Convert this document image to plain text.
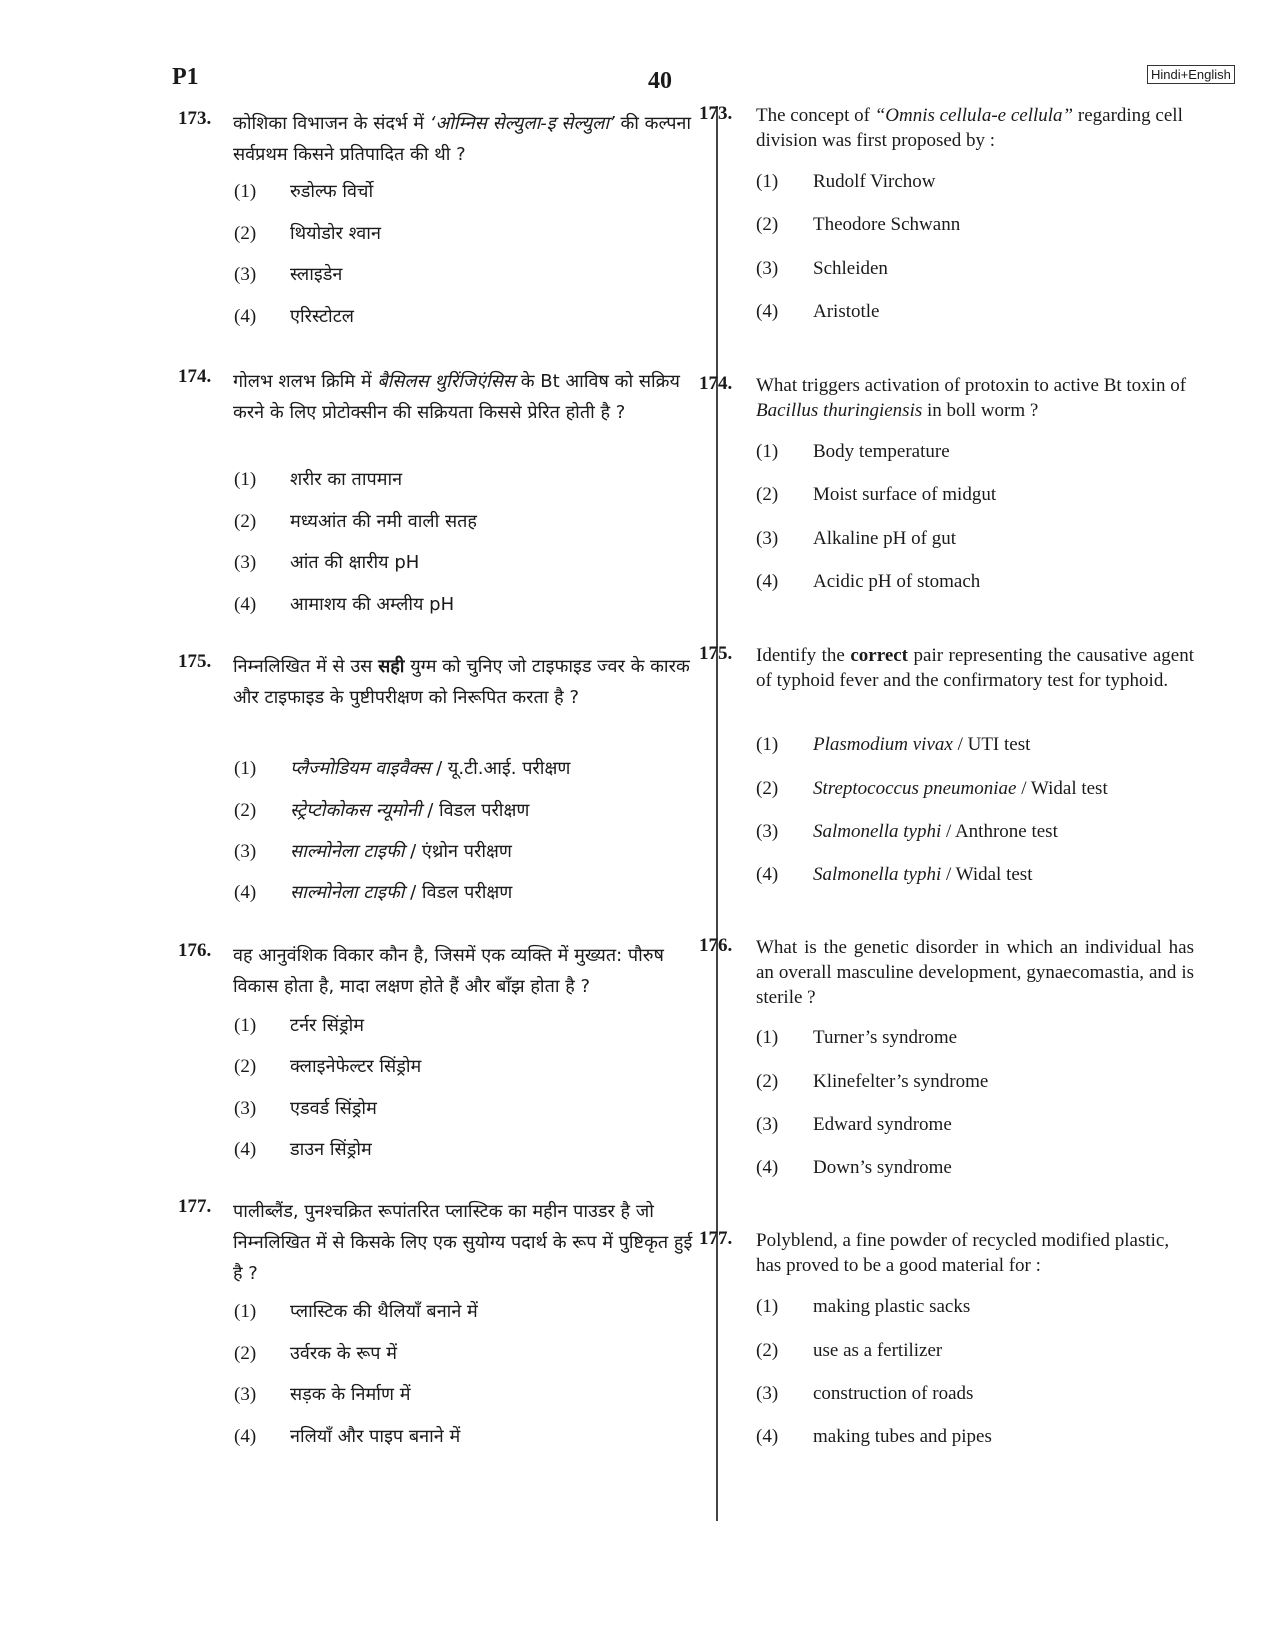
P1	40	Hindi+English
173. कोशिका विभाजन के संदर्भ में ‘ओम्निस सेल्युला-इ सेल्युला’ की कल्पना सर्वप्रथम किसने प्रतिपादित की थी ?
(1) रुडोल्फ विर्चो
(2) थियोडोर श्वान
(3) स्लाइडेन
(4) एरिस्टोटल
174. गोलभ शलभ क्रिमि में बैसिलस थुरिंजिएंसिस के Bt आविष को सक्रिय करने के लिए प्रोटोक्सीन की सक्रियता किससे प्रेरित होती है ?
(1) शरीर का तापमान
(2) मध्यआंत की नमी वाली सतह
(3) आंत की क्षारीय pH
(4) आमाशय की अम्लीय pH
175. निम्नलिखित में से उस सही युग्म को चुनिए जो टाइफाइड ज्वर के कारक और टाइफाइड के पुष्टीपरीक्षण को निरूपित करता है ?
(1) प्लैज्मोडियम वाइवैक्स / यू.टी.आई. परीक्षण
(2) स्ट्रेप्टोकोकस न्यूमोनी / विडल परीक्षण
(3) साल्मोनेला टाइफी / एंथ्रोन परीक्षण
(4) साल्मोनेला टाइफी / विडल परीक्षण
176. वह आनुवंशिक विकार कौन है, जिसमें एक व्यक्ति में मुख्यत: पौरुष विकास होता है, मादा लक्षण होते हैं और बाँझ होता है ?
(1) टर्नर सिंड्रोम
(2) क्लाइनेफेल्टर सिंड्रोम
(3) एडवर्ड सिंड्रोम
(4) डाउन सिंड्रोम
177. पालीब्लैंड, पुनश्चक्रित रूपांतरित प्लास्टिक का महीन पाउडर है जो निम्नलिखित में से किसके लिए एक सुयोग्य पदार्थ के रूप में पुष्टिकृत हुई है ?
(1) प्लास्टिक की थैलियाँ बनाने में
(2) उर्वरक के रूप में
(3) सड़क के निर्माण में
(4) नलियाँ और पाइप बनाने में
173. The concept of “Omnis cellula-e cellula” regarding cell division was first proposed by :
(1) Rudolf Virchow
(2) Theodore Schwann
(3) Schleiden
(4) Aristotle
174. What triggers activation of protoxin to active Bt toxin of Bacillus thuringiensis in boll worm ?
(1) Body temperature
(2) Moist surface of midgut
(3) Alkaline pH of gut
(4) Acidic pH of stomach
175. Identify the correct pair representing the causative agent of typhoid fever and the confirmatory test for typhoid.
(1) Plasmodium vivax / UTI test
(2) Streptococcus pneumoniae / Widal test
(3) Salmonella typhi / Anthrone test
(4) Salmonella typhi / Widal test
176. What is the genetic disorder in which an individual has an overall masculine development, gynaecomastia, and is sterile ?
(1) Turner’s syndrome
(2) Klinefelter’s syndrome
(3) Edward syndrome
(4) Down’s syndrome
177. Polyblend, a fine powder of recycled modified plastic, has proved to be a good material for :
(1) making plastic sacks
(2) use as a fertilizer
(3) construction of roads
(4) making tubes and pipes
